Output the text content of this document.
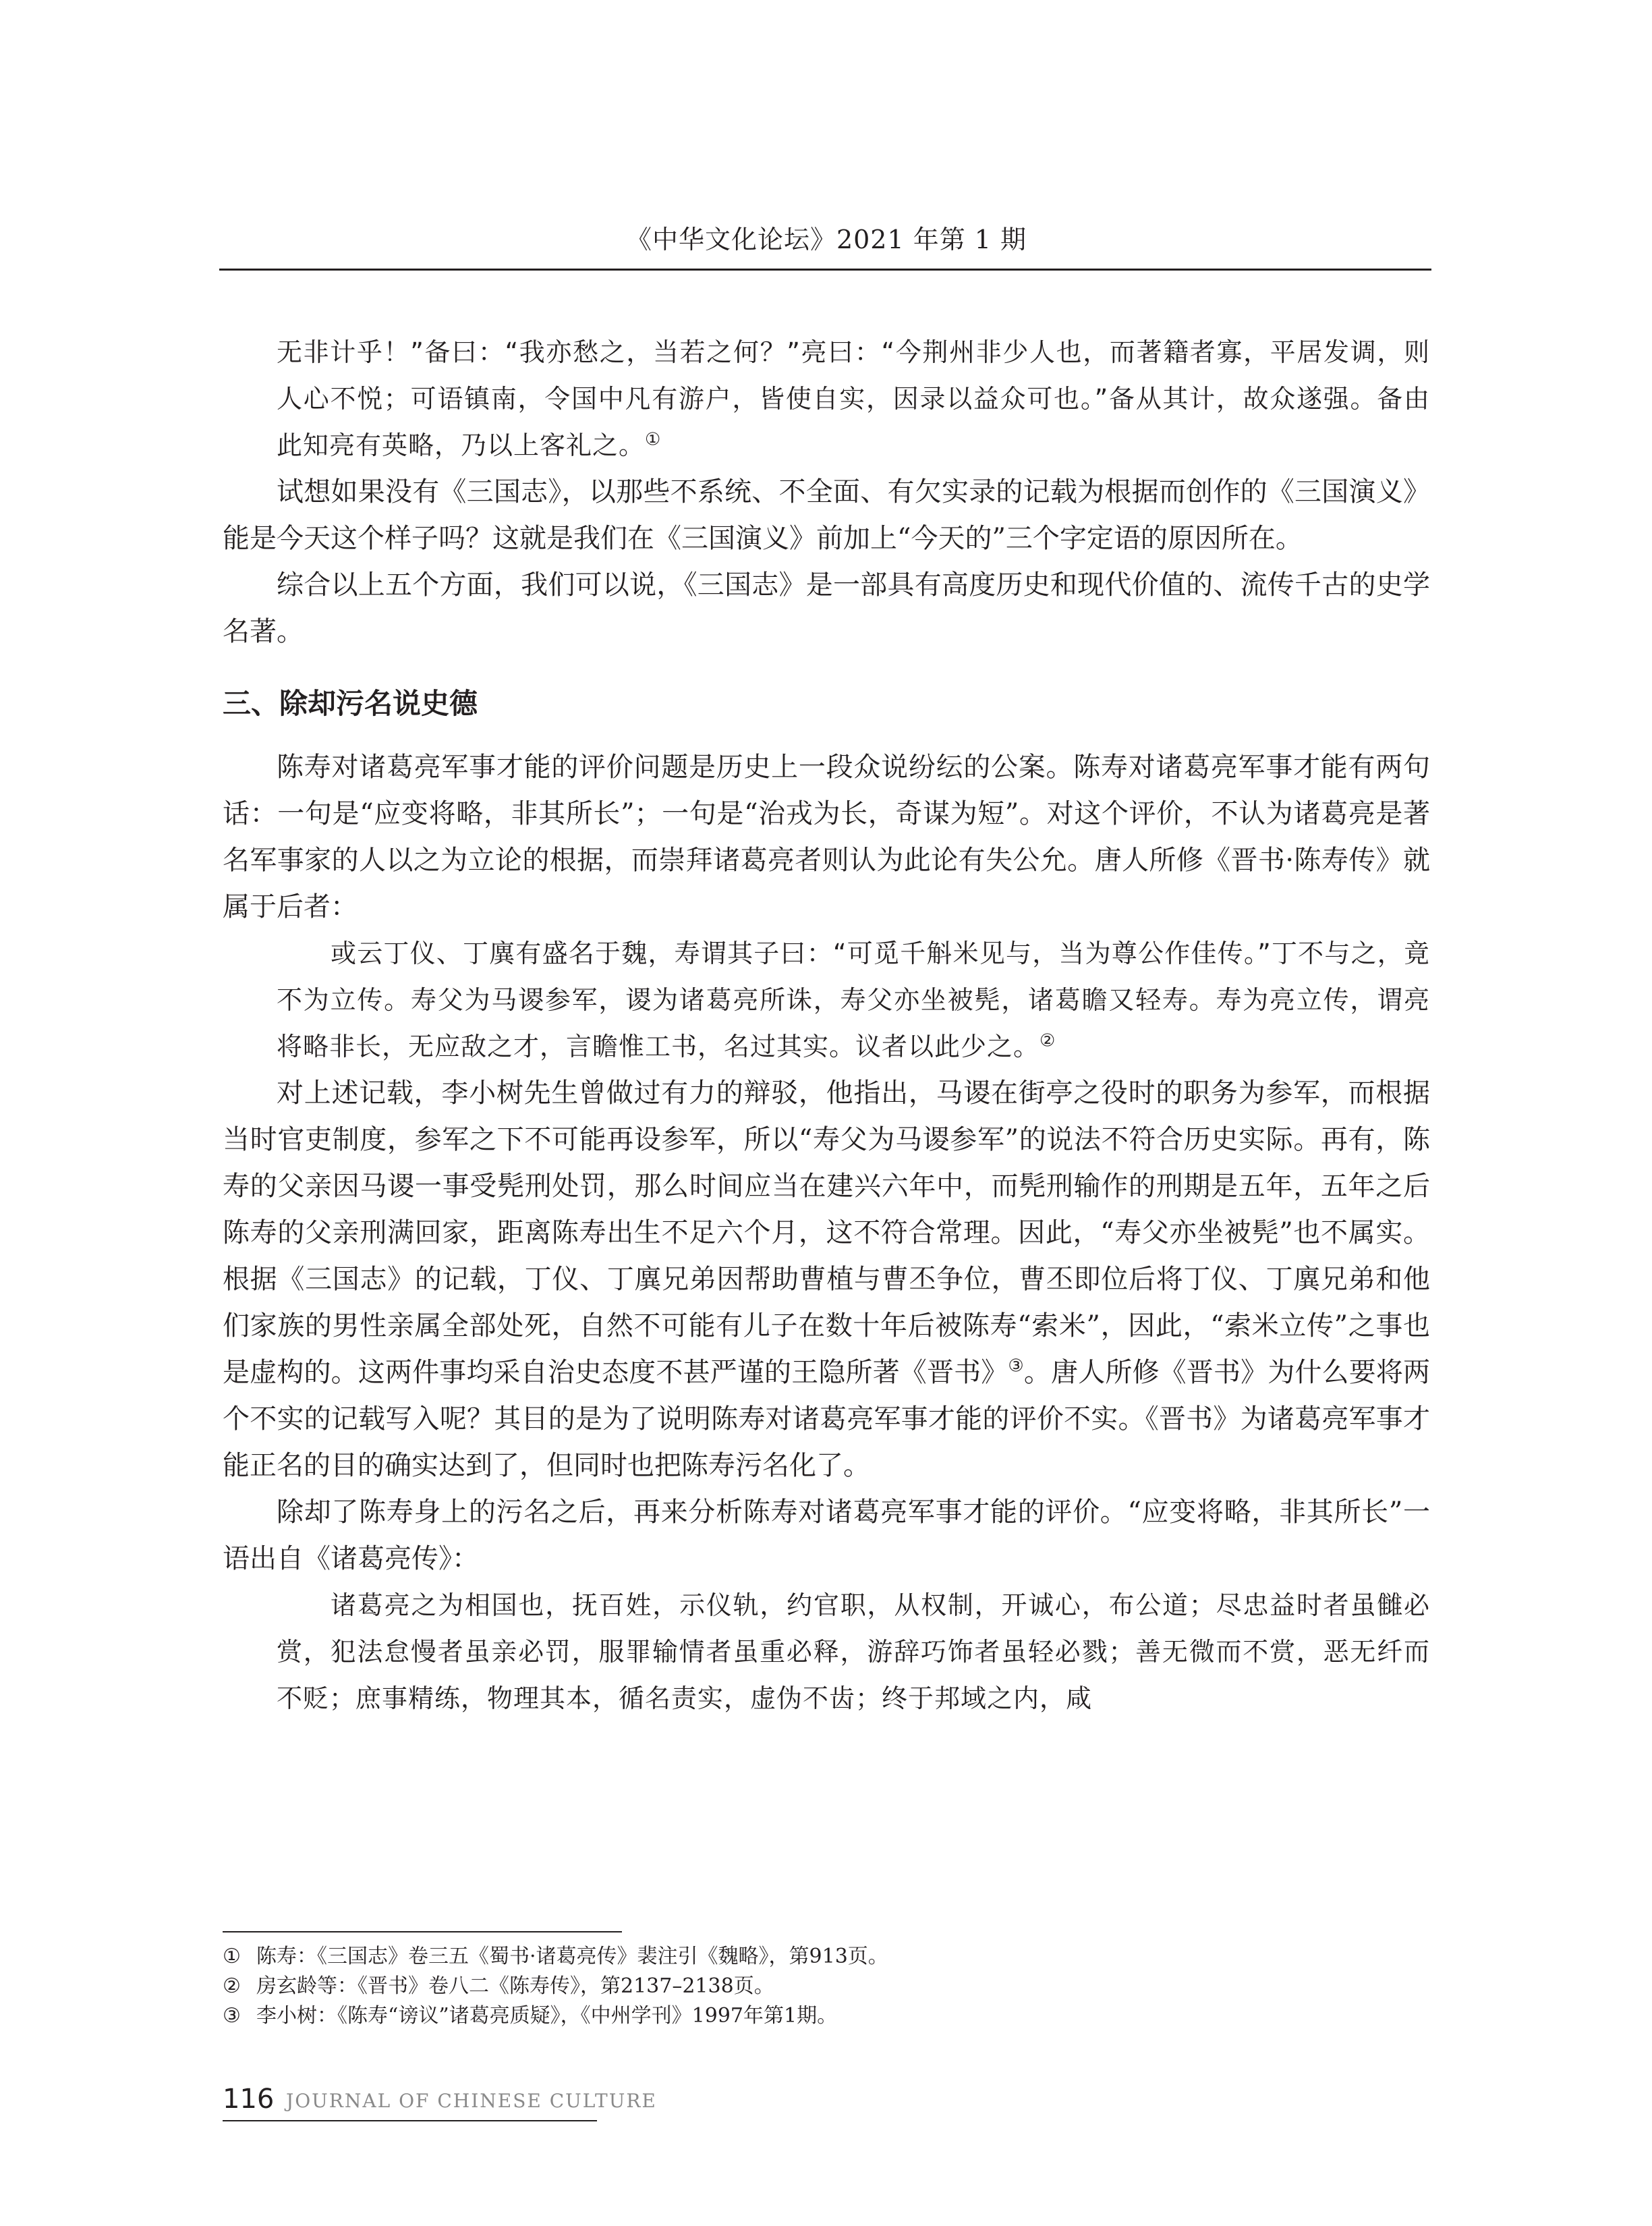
《中华文化论坛》2021 年第 1 期

无非计乎！”备曰：“我亦愁之，当若之何？”亮曰：“今荆州非少人也，而著籍者寡，平居发调，则人心不悦；可语镇南，令国中凡有游户，皆使自实，因录以益众可也。”备从其计，故众遂强。备由此知亮有英略，乃以上客礼之。①

试想如果没有《三国志》，以那些不系统、不全面、有欠实录的记载为根据而创作的《三国演义》能是今天这个样子吗？这就是我们在《三国演义》前加上“今天的”三个字定语的原因所在。

综合以上五个方面，我们可以说，《三国志》是一部具有高度历史和现代价值的、流传千古的史学名著。

三、除却污名说史德

陈寿对诸葛亮军事才能的评价问题是历史上一段众说纷纭的公案。陈寿对诸葛亮军事才能有两句话：一句是“应变将略，非其所长”；一句是“治戎为长，奇谋为短”。对这个评价，不认为诸葛亮是著名军事家的人以之为立论的根据，而崇拜诸葛亮者则认为此论有失公允。唐人所修《晋书·陈寿传》就属于后者：

或云丁仪、丁廙有盛名于魏，寿谓其子曰：“可觅千斛米见与，当为尊公作佳传。”丁不与之，竟不为立传。寿父为马谡参军，谡为诸葛亮所诛，寿父亦坐被髡，诸葛瞻又轻寿。寿为亮立传，谓亮将略非长，无应敌之才，言瞻惟工书，名过其实。议者以此少之。②

对上述记载，李小树先生曾做过有力的辩驳，他指出，马谡在街亭之役时的职务为参军，而根据当时官吏制度，参军之下不可能再设参军，所以“寿父为马谡参军”的说法不符合历史实际。再有，陈寿的父亲因马谡一事受髡刑处罚，那么时间应当在建兴六年中，而髡刑输作的刑期是五年，五年之后陈寿的父亲刑满回家，距离陈寿出生不足六个月，这不符合常理。因此，“寿父亦坐被髡”也不属实。根据《三国志》的记载，丁仪、丁廙兄弟因帮助曹植与曹丕争位，曹丕即位后将丁仪、丁廙兄弟和他们家族的男性亲属全部处死，自然不可能有儿子在数十年后被陈寿“索米”，因此，“索米立传”之事也是虚构的。这两件事均采自治史态度不甚严谨的王隐所著《晋书》③。唐人所修《晋书》为什么要将两个不实的记载写入呢？其目的是为了说明陈寿对诸葛亮军事才能的评价不实。《晋书》为诸葛亮军事才能正名的目的确实达到了，但同时也把陈寿污名化了。

除却了陈寿身上的污名之后，再来分析陈寿对诸葛亮军事才能的评价。“应变将略，非其所长”一语出自《诸葛亮传》：

诸葛亮之为相国也，抚百姓，示仪轨，约官职，从权制，开诚心，布公道；尽忠益时者虽雠必赏，犯法怠慢者虽亲必罚，服罪输情者虽重必释，游辞巧饰者虽轻必戮；善无微而不赏，恶无纤而不贬；庶事精练，物理其本，循名责实，虚伪不齿；终于邦域之内，咸

① 陈寿：《三国志》卷三五《蜀书·诸葛亮传》裴注引《魏略》，第913页。

② 房玄龄等：《晋书》卷八二《陈寿传》，第2137–2138页。

③ 李小树：《陈寿“谤议”诸葛亮质疑》，《中州学刊》1997年第1期。

116 JOURNAL OF CHINESE CULTURE
